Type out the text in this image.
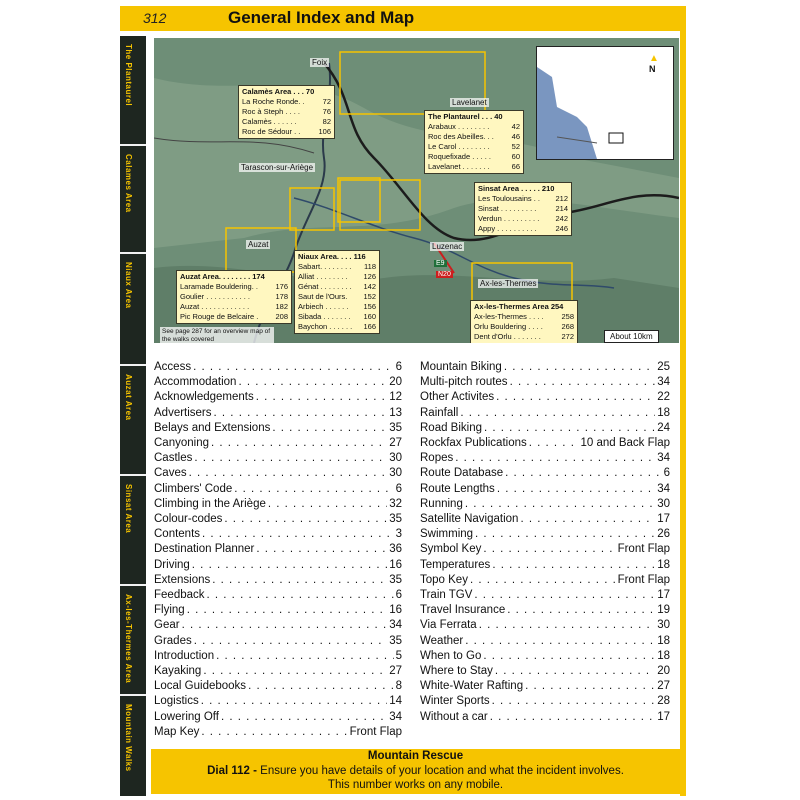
312	General Index and Map
The Plantaurel
Calames Area
Niaux Area
Auzat Area
Sinsat Area
Ax-les-Thermes Area
Mountain Walks
▲
N
Foix
Lavelanet
Tarascon-sur-Ariège
Auzat	Luzenac
Ax-les-Thermes
E9
N20
Calamès Area . . . 70
La Roche Ronde. . 72
Roc à Steph . . . .	76
Calamès . . . . . .	82
Roc de Sédour . . 106
The Plantaurel . . . 40
Arabaux . . . . . . . .	42
Roc des Abeilles. . . 46
Le Carol . . . . . . . .	52
Roquefixade . . . . .	60
Lavelanet . . . . . . .	66
Sinsat Area . . . . . 210
Les Toulousains . . 212
Sinsat . . . . . . . . .	214
Verdun . . . . . . . . . 242
Appy . . . . . . . . . . 246
Niaux Area. . . . 116
Sabart. . . . . . . . 118
Alliat . . . . . . . . 126
Génat . . . . . . . . 142
Saut de l'Ours. 152
Arbiech . . . . . . 156
Sibada . . . . . . . 160
Baychon . . . . . . 166
Auzat Area. . . . . . . . 174
Laramade Bouldering. . 176
Goulier . . . . . . . . . . .	178
Auzat . . . . . . . . . . . .	182
Pic Rouge de Belcaire . 208
Ax-les-Thermes Area 254
Ax-les-Thermes . . . . 258
Orlu Bouldering . . . . 268
Dent d'Orlu . . . . . . .	272
See page 287 for an overview map of the walks covered	About 10km
Access . . .	6
Accommodation . . .	20
Acknowledgements . . .	12
Advertisers . . .	13
Belays and Extensions . . .	35
Canyoning . . .	27
Castles . . .	30
Caves . . .	30
Climbers' Code . . .	6
Climbing in the Ariège . . .	32
Colour-codes . . .	35
Contents . . .	3
Destination Planner . . .	36
Driving . . .	16
Extensions . . .	35
Feedback . . .	6
Flying . . .	16
Gear . . .	34
Grades . . .	35
Introduction . . .	5
Kayaking . . .	27
Local Guidebooks . . .	8
Logistics . . .	14
Lowering Off . . .	34
Map Key . . .	Front Flap
Mountain Biking . . .	25
Multi-pitch routes . . .	34
Other Activites . . .	22
Rainfall . . .	18
Road Biking . . .	24
Rockfax Publications . . .	10 and Back Flap
Ropes . . .	34
Route Database . . .	6
Route Lengths . . .	34
Running . . .	30
Satellite Navigation . . .	17
Swimming . . .	26
Symbol Key . . .	Front Flap
Temperatures . . .	18
Topo Key . . .	Front Flap
Train TGV . . .	17
Travel Insurance . . .	19
Via Ferrata . . .	30
Weather . . .	18
When to Go . . .	18
Where to Stay . . .	20
White-Water Rafting . . .	27
Winter Sports . . .	28
Without a car . . .	17
Mountain Rescue
Dial 112 - Ensure you have details of your location and what the incident involves.
This number works on any mobile.
